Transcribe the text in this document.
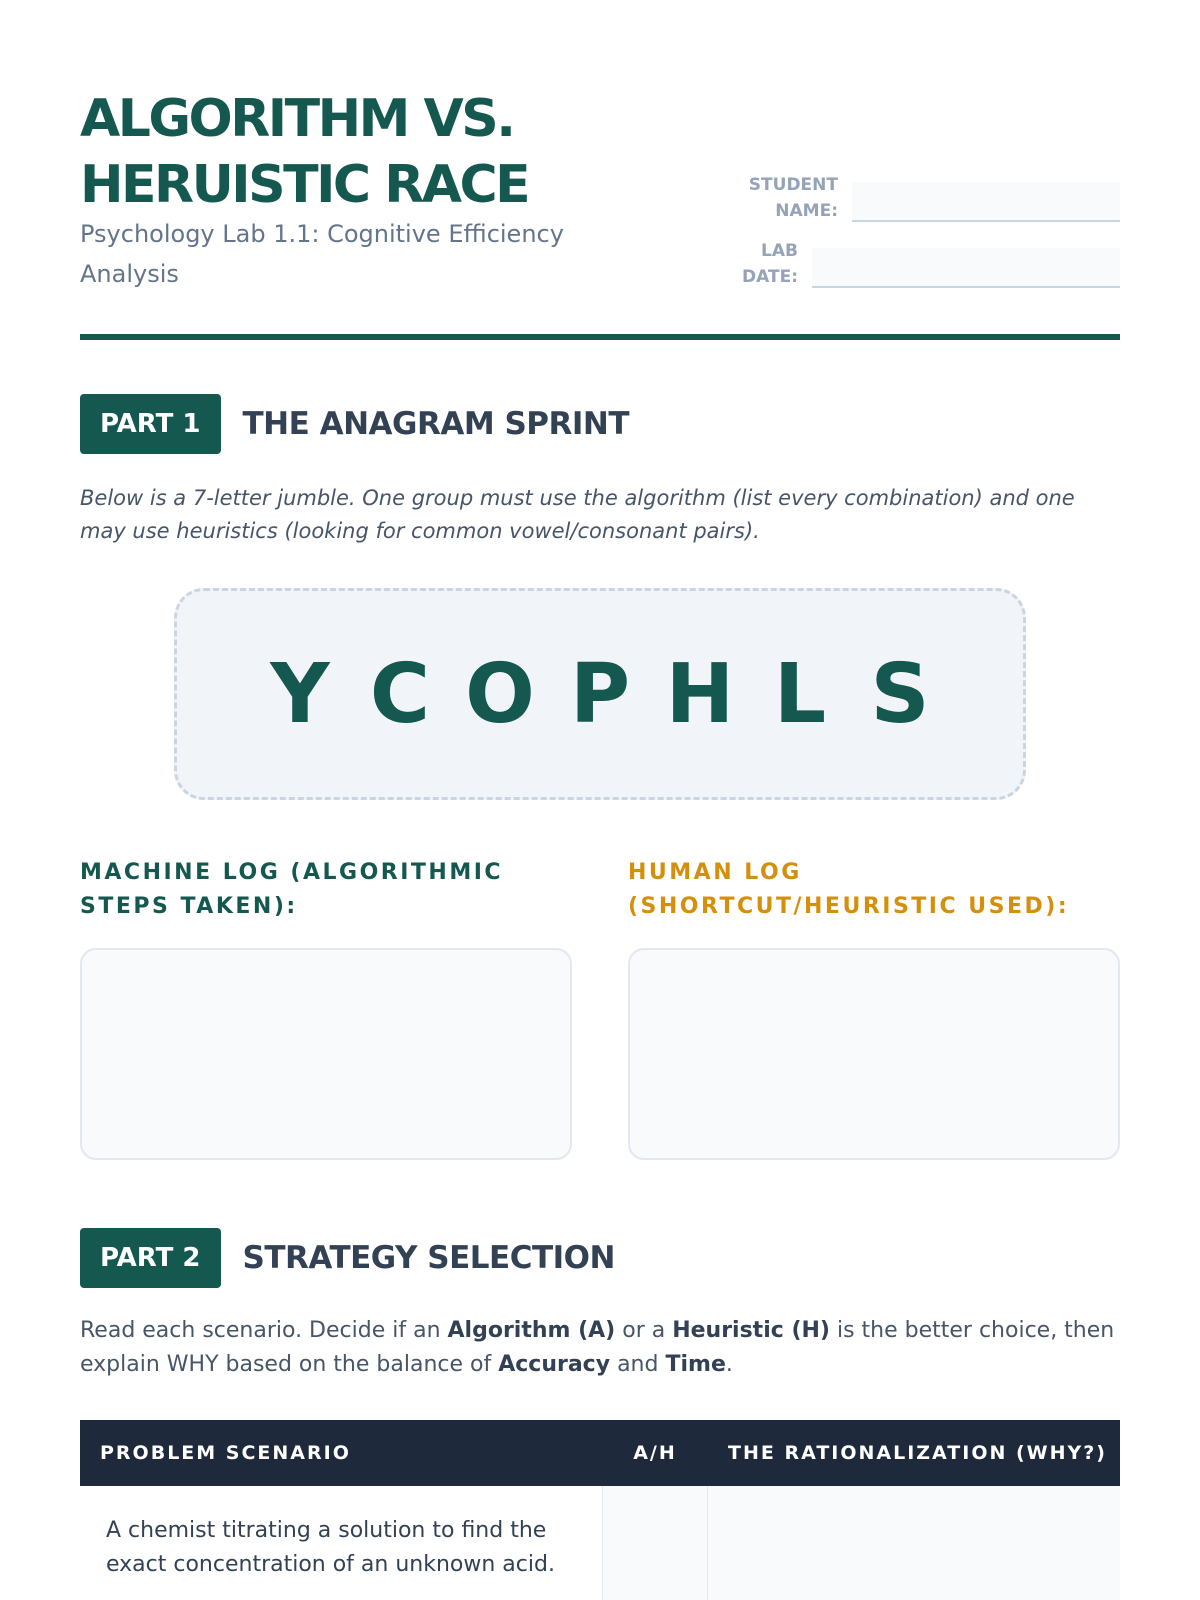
ALGORITHM VS.
HERUISTIC RACE
Psychology Lab 1.1: Cognitive Efficiency Analysis
STUDENT NAME:
LAB DATE:
PART 1	THE ANAGRAM SPRINT

Below is a 7-letter jumble. One group must use the algorithm (list every combination) and one may use heuristics (looking for common vowel/consonant pairs).

Y C O P H L S
MACHINE LOG (ALGORITHMIC STEPS TAKEN):
HUMAN LOG (SHORTCUT/HEURISTIC USED):
PART 2	STRATEGY SELECTION

Read each scenario. Decide if an Algorithm (A) or a Heuristic (H) is the better choice, then explain WHY based on the balance of Accuracy and Time.

PROBLEM SCENARIO	A/H	THE RATIONALIZATION (WHY?)
A chemist titrating a solution to find the exact concentration of an unknown acid.
